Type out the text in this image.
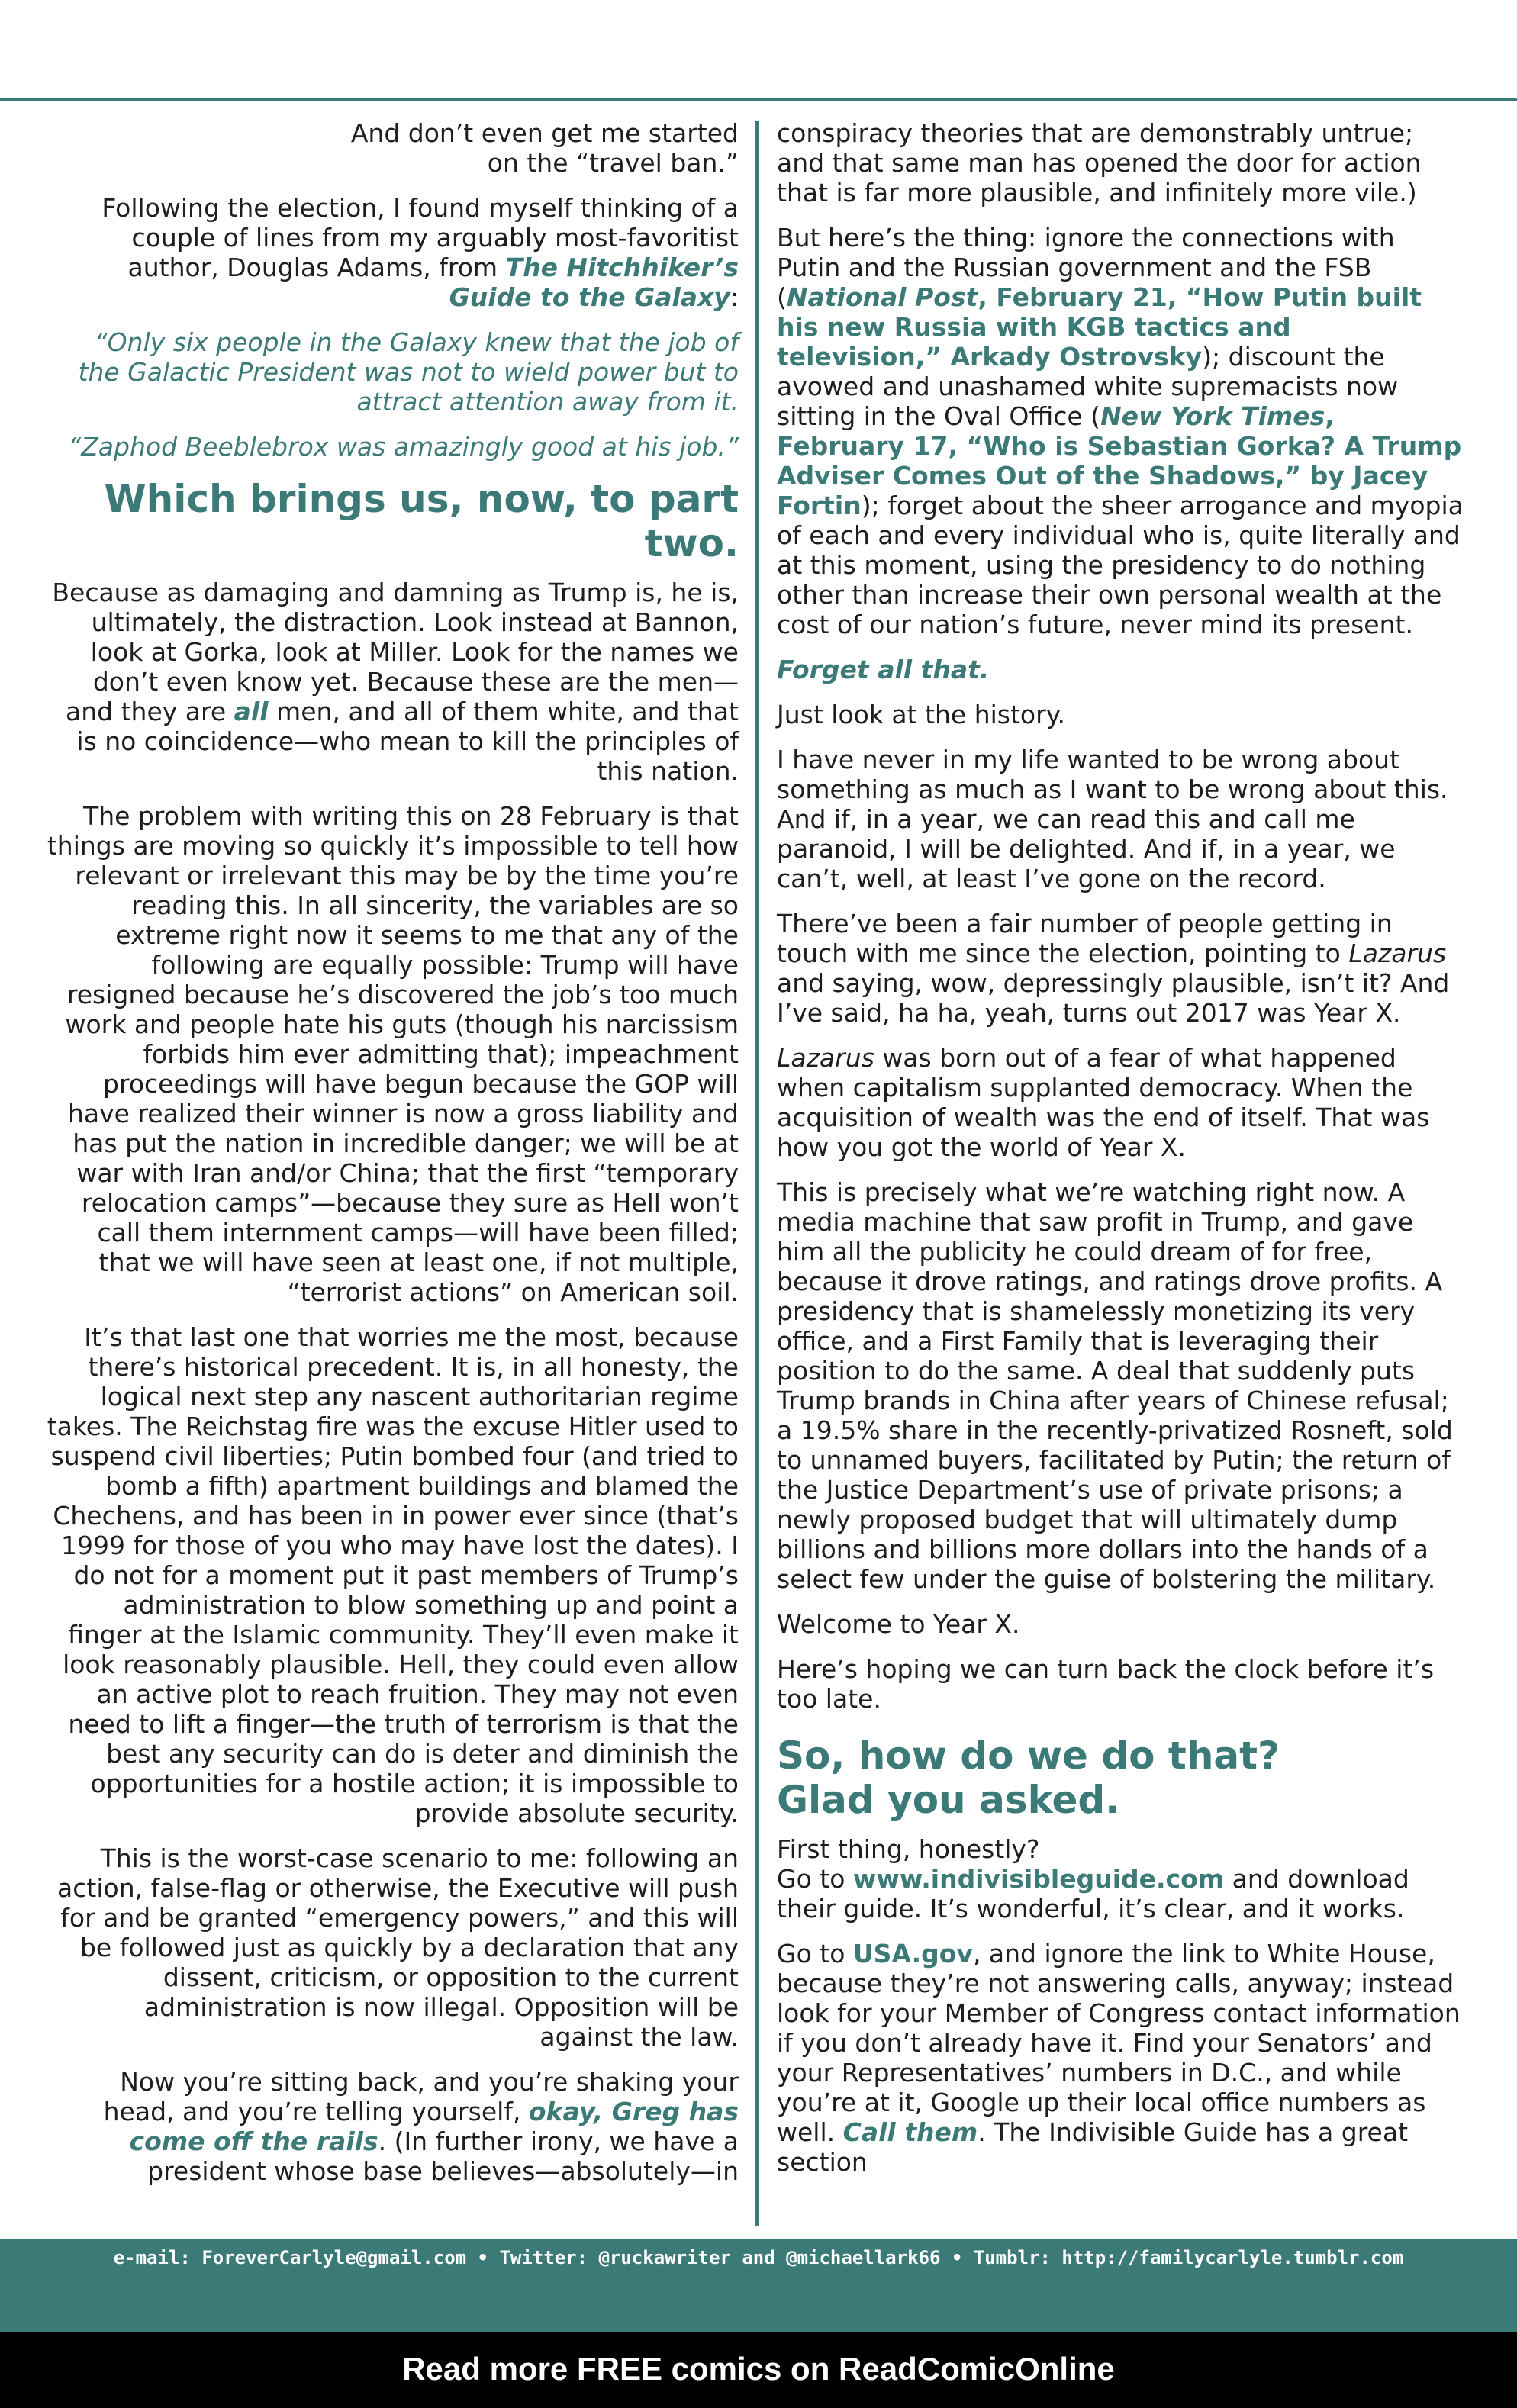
And don’t even get me started
on the “travel ban.”

Following the election, I found myself thinking of a couple of lines from my arguably most-favoritist author, Douglas Adams, from The Hitchhiker’s Guide to the Galaxy:

“Only six people in the Galaxy knew that the job of the Galactic President was not to wield power but to attract attention away from it.

“Zaphod Beeblebrox was amazingly good at his job.”

Which brings us, now, to part two.

Because as damaging and damning as Trump is, he is, ultimately, the distraction. Look instead at Bannon, look at Gorka, look at Miller. Look for the names we don’t even know yet. Because these are the men—and they are all men, and all of them white, and that is no coincidence—who mean to kill the principles of this nation.

The problem with writing this on 28 February is that things are moving so quickly it’s impossible to tell how relevant or irrelevant this may be by the time you’re reading this. In all sincerity, the variables are so extreme right now it seems to me that any of the following are equally possible: Trump will have resigned because he’s discovered the job’s too much work and people hate his guts (though his narcissism forbids him ever admitting that); impeachment proceedings will have begun because the GOP will have realized their winner is now a gross liability and has put the nation in incredible danger; we will be at war with Iran and/or China; that the first “temporary relocation camps”—because they sure as Hell won’t call them internment camps—will have been filled; that we will have seen at least one, if not multiple, “terrorist actions” on American soil.

It’s that last one that worries me the most, because there’s historical precedent. It is, in all honesty, the logical next step any nascent authoritarian regime takes. The Reichstag fire was the excuse Hitler used to suspend civil liberties; Putin bombed four (and tried to bomb a fifth) apartment buildings and blamed the Chechens, and has been in in power ever since (that’s 1999 for those of you who may have lost the dates). I do not for a moment put it past members of Trump’s administration to blow something up and point a finger at the Islamic community. They’ll even make it look reasonably plausible. Hell, they could even allow an active plot to reach fruition. They may not even need to lift a finger—the truth of terrorism is that the best any security can do is deter and diminish the opportunities for a hostile action; it is impossible to provide absolute security.

This is the worst-case scenario to me: following an action, false-flag or otherwise, the Executive will push for and be granted “emergency powers,” and this will be followed just as quickly by a declaration that any dissent, criticism, or opposition to the current administration is now illegal. Opposition will be against the law.

Now you’re sitting back, and you’re shaking your head, and you’re telling yourself, okay, Greg has come off the rails. (In further irony, we have a president whose base believes—absolutely—in

conspiracy theories that are demonstrably untrue; and that same man has opened the door for action that is far more plausible, and infinitely more vile.)

But here’s the thing: ignore the connections with Putin and the Russian government and the FSB (National Post, February 21, “How Putin built his new Russia with KGB tactics and television,” Arkady Ostrovsky); discount the avowed and unashamed white supremacists now sitting in the Oval Office (New York Times, February 17, “Who is Sebastian Gorka? A Trump Adviser Comes Out of the Shadows,” by Jacey Fortin); forget about the sheer arrogance and myopia of each and every individual who is, quite literally and at this moment, using the presidency to do nothing other than increase their own personal wealth at the cost of our nation’s future, never mind its present.

Forget all that.

Just look at the history.

I have never in my life wanted to be wrong about something as much as I want to be wrong about this. And if, in a year, we can read this and call me paranoid, I will be delighted. And if, in a year, we can’t, well, at least I’ve gone on the record.

There’ve been a fair number of people getting in touch with me since the election, pointing to Lazarus and saying, wow, depressingly plausible, isn’t it? And I’ve said, ha ha, yeah, turns out 2017 was Year X.

Lazarus was born out of a fear of what happened when capitalism supplanted democracy. When the acquisition of wealth was the end of itself. That was how you got the world of Year X.

This is precisely what we’re watching right now. A media machine that saw profit in Trump, and gave him all the publicity he could dream of for free, because it drove ratings, and ratings drove profits. A presidency that is shamelessly monetizing its very office, and a First Family that is leveraging their position to do the same. A deal that suddenly puts Trump brands in China after years of Chinese refusal; a 19.5% share in the recently-privatized Rosneft, sold to unnamed buyers, facilitated by Putin; the return of the Justice Department’s use of private prisons; a newly proposed budget that will ultimately dump billions and billions more dollars into the hands of a select few under the guise of bolstering the military.

Welcome to Year X.

Here’s hoping we can turn back the clock before it’s too late.

So, how do we do that?
Glad you asked.

First thing, honestly?
Go to www.indivisibleguide.com and download their guide. It’s wonderful, it’s clear, and it works.

Go to USA.gov, and ignore the link to White House, because they’re not answering calls, anyway; instead look for your Member of Congress contact information if you don’t already have it. Find your Senators’ and your Representatives’ numbers in D.C., and while you’re at it, Google up their local office numbers as well. Call them. The Indivisible Guide has a great section

e-mail: ForeverCarlyle@gmail.com • Twitter: @ruckawriter and @michaellark66 • Tumblr: http://familycarlyle.tumblr.com
Read more FREE comics on ReadComicOnline
